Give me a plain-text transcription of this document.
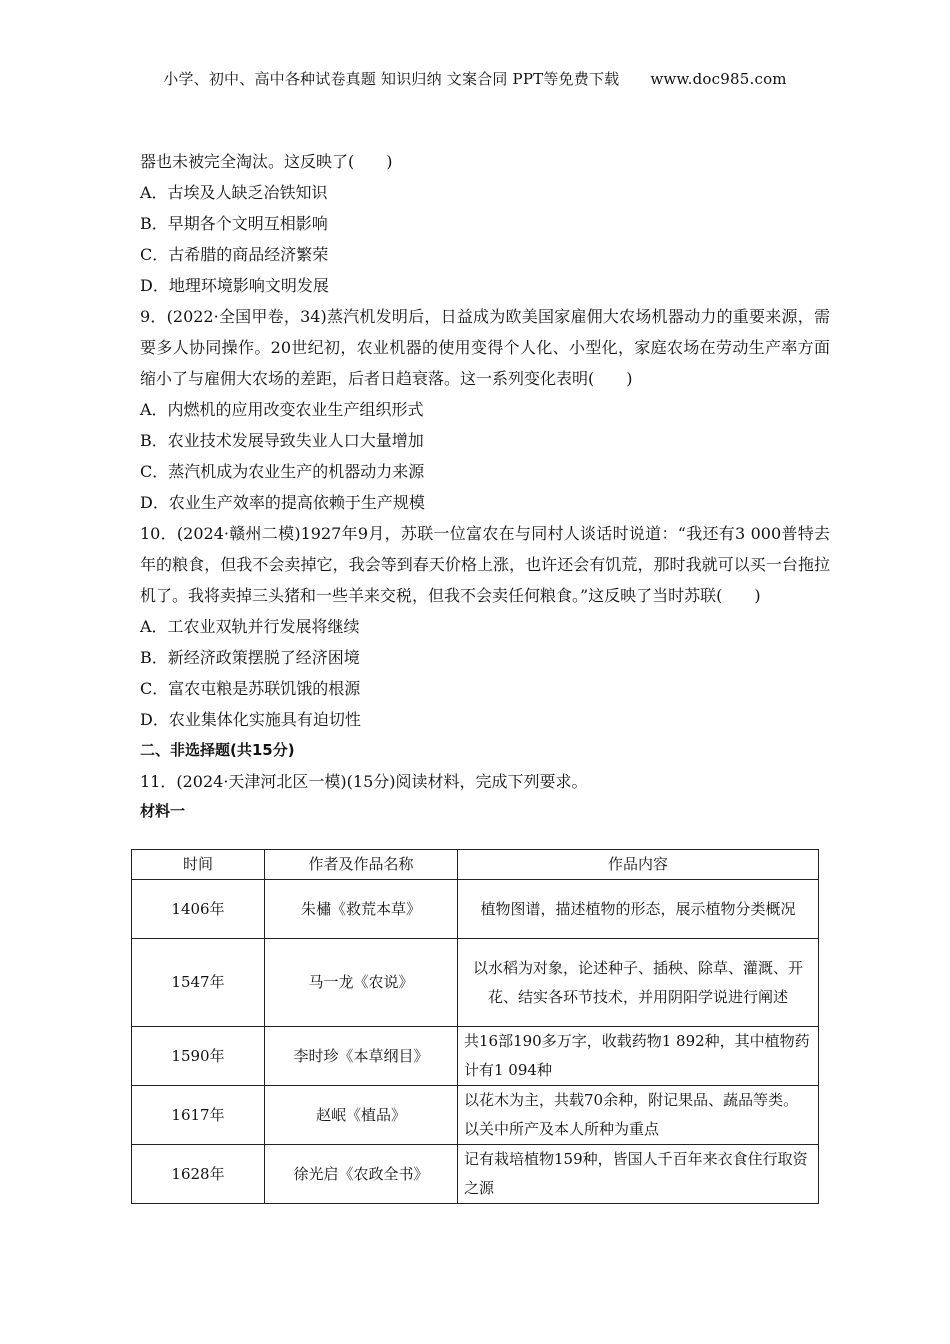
小学、初中、高中各种试卷真题 知识归纳 文案合同 PPT等免费下载 www.doc985.com
器也未被完全淘汰。这反映了(　　)
A．古埃及人缺乏冶铁知识
B．早期各个文明互相影响
C．古希腊的商品经济繁荣
D．地理环境影响文明发展
9．(2022·全国甲卷，34)蒸汽机发明后，日益成为欧美国家雇佣大农场机器动力的重要来源，需要多人协同操作。20世纪初，农业机器的使用变得个人化、小型化，家庭农场在劳动生产率方面缩小了与雇佣大农场的差距，后者日趋衰落。这一系列变化表明(　　)
A．内燃机的应用改变农业生产组织形式
B．农业技术发展导致失业人口大量增加
C．蒸汽机成为农业生产的机器动力来源
D．农业生产效率的提高依赖于生产规模
10．(2024·赣州二模)1927年9月，苏联一位富农在与同村人谈话时说道：“我还有3 000普特去年的粮食，但我不会卖掉它，我会等到春天价格上涨，也许还会有饥荒，那时我就可以买一台拖拉机了。我将卖掉三头猪和一些羊来交税，但我不会卖任何粮食。”这反映了当时苏联(　　)
A．工农业双轨并行发展将继续
B．新经济政策摆脱了经济困境
C．富农屯粮是苏联饥饿的根源
D．农业集体化实施具有迫切性
二、非选择题(共15分)
11．(2024·天津河北区一模)(15分)阅读材料，完成下列要求。
材料一
时间	作者及作品名称	作品内容
1406年	朱橚《救荒本草》	植物图谱，描述植物的形态，展示植物分类概况
1547年	马一龙《农说》	以水稻为对象，论述种子、插秧、除草、灌溉、开花、结实各环节技术，并用阴阳学说进行阐述
1590年	李时珍《本草纲目》	共16部190多万字，收载药物1 892种，其中植物药计有1 094种
1617年	赵岷《植品》	以花木为主，共载70余种，附记果品、蔬品等类。以关中所产及本人所种为重点
1628年	徐光启《农政全书》	记有栽培植物159种，皆国人千百年来衣食住行取资之源
